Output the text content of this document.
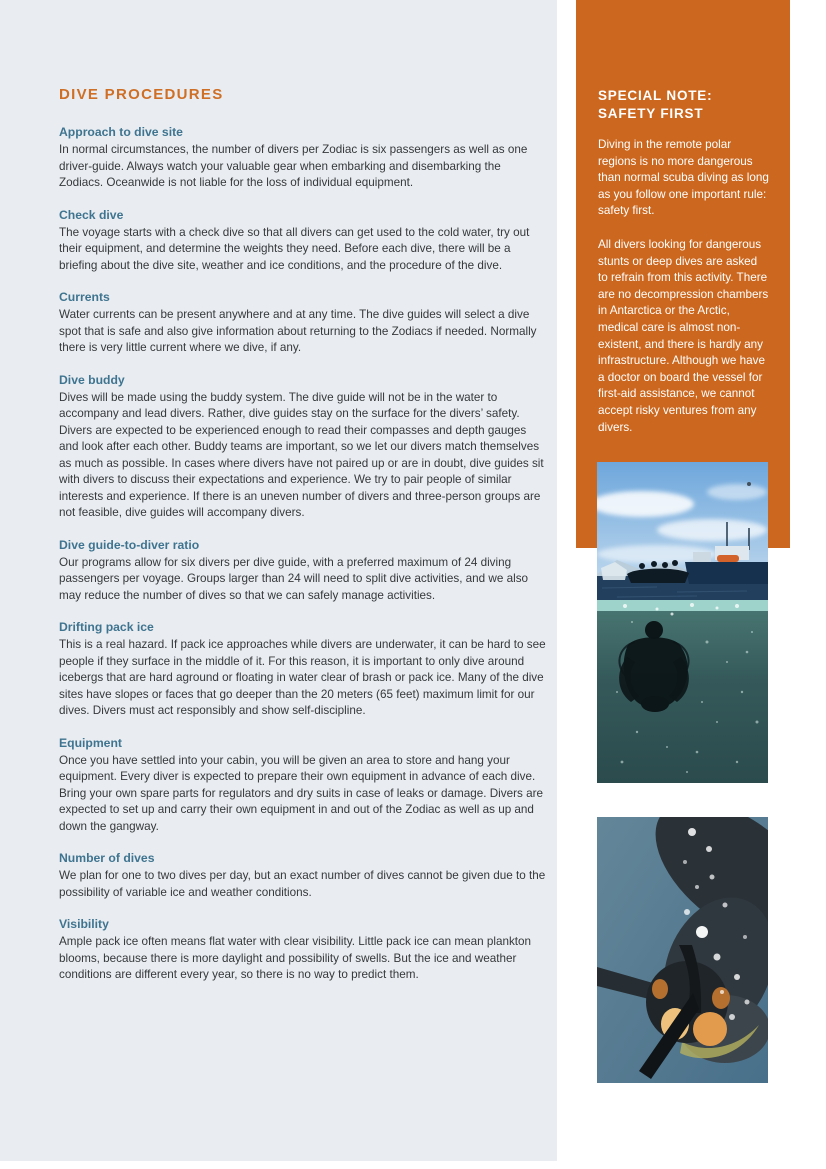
DIVE PROCEDURES
Approach to dive site

In normal circumstances, the number of divers per Zodiac is six passengers as well as one driver-guide. Always watch your valuable gear when embarking and disembarking the Zodiacs. Oceanwide is not liable for the loss of individual equipment.

Check dive

The voyage starts with a check dive so that all divers can get used to the cold water, try out their equipment, and determine the weights they need. Before each dive, there will be a briefing about the dive site, weather and ice conditions, and the procedure of the dive.

Currents

Water currents can be present anywhere and at any time. The dive guides will select a dive spot that is safe and also give information about returning to the Zodiacs if needed. Normally there is very little current where we dive, if any.

Dive buddy

Dives will be made using the buddy system. The dive guide will not be in the water to accompany and lead divers. Rather, dive guides stay on the surface for the divers’ safety. Divers are expected to be experienced enough to read their compasses and depth gauges and look after each other. Buddy teams are important, so we let our divers match themselves as much as possible. In cases where divers have not paired up or are in doubt, dive guides sit with divers to discuss their expectations and experience. We try to pair people of similar interests and experience. If there is an uneven number of divers and three-person groups are not feasible, dive guides will accompany divers.

Dive guide-to-diver ratio

Our programs allow for six divers per dive guide, with a preferred maximum of 24 diving passengers per voyage. Groups larger than 24 will need to split dive activities, and we also may reduce the number of dives so that we can safely manage activities.

Drifting pack ice

This is a real hazard. If pack ice approaches while divers are underwater, it can be hard to see people if they surface in the middle of it. For this reason, it is important to only dive around icebergs that are hard aground or floating in water clear of brash or pack ice. Many of the dive sites have slopes or faces that go deeper than the 20 meters (65 feet) maximum limit for our dives. Divers must act responsibly and show self-discipline.

Equipment

Once you have settled into your cabin, you will be given an area to store and hang your equipment. Every diver is expected to prepare their own equipment in advance of each dive. Bring your own spare parts for regulators and dry suits in case of leaks or damage. Divers are expected to set up and carry their own equipment in and out of the Zodiac as well as up and down the gangway.

Number of dives

We plan for one to two dives per day, but an exact number of dives cannot be given due to the possibility of variable ice and weather conditions.

Visibility

Ample pack ice often means flat water with clear visibility. Little pack ice can mean plankton blooms, because there is more daylight and possibility of swells. But the ice and weather conditions are different every year, so there is no way to predict them.

SPECIAL NOTE:
SAFETY FIRST

Diving in the remote polar regions is no more dangerous than normal scuba diving as long as you follow one important rule: safety first.

All divers looking for dangerous stunts or deep dives are asked to refrain from this activity. There are no decompression chambers in Antarctica or the Arctic, medical care is almost non-existent, and there is hardly any infrastructure. Although we have a doctor on board the vessel for first-aid assistance, we cannot accept risky ventures from any divers.
